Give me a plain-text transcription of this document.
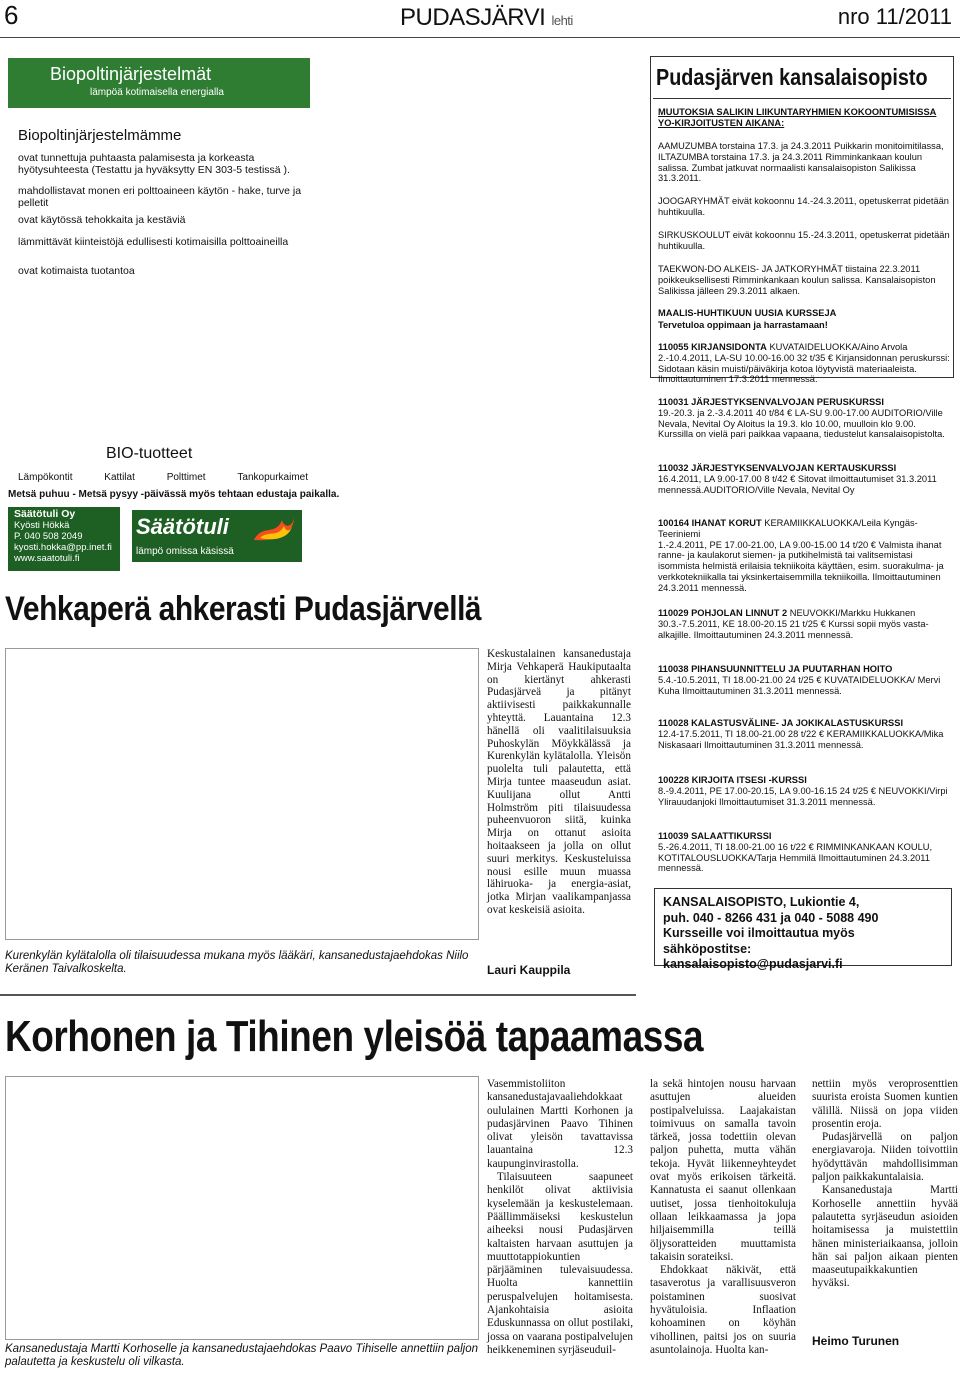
6	PUDASJÄRVI lehti	nro 11/2011
Biopoltinjärjestelmät
lämpöä kotimaisella energialla
Biopoltinjärjestelmämme
ovat tunnettuja puhtaasta palamisesta ja korkeasta hyötysuhteesta (Testattu ja hyväksytty EN 303-5 testissä ).
mahdollistavat monen eri polttoaineen käytön - hake, turve ja pelletit
ovat käytössä tehokkaita ja kestäviä
lämmittävät kiinteistöjä edullisesti kotimaisilla polttoaineilla
ovat kotimaista tuotantoa
BIO-tuotteet
Lämpökontit	Kattilat	Polttimet	Tankopurkaimet
Metsä puhuu - Metsä pysyy -päivässä myös tehtaan edustaja paikalla.
Säätötuli Oy
Kyösti Hökkä
P. 040 508 2049
kyosti.hokka@pp.inet.fi
www.saatotuli.fi
Säätötuli
lämpö omissa käsissä
Vehkaperä ahkerasti Pudasjärvellä
Kurenkylän kylätalolla oli tilaisuudessa mukana myös lääkäri, kansanedustajaehdokas Niilo Keränen Taivalkoskelta.
Keskustalainen kansanedustaja Mirja Vehkaperä Haukiputaalta on kiertänyt ahkerasti Pudasjärveä ja pitänyt aktiivisesti paikkakunnalle yhteyttä. Lauantaina 12.3 hänellä oli vaalitilaisuuksia Puhoskylän Möykkälässä ja Kurenkylän kylätalolla. Yleisön puolelta tuli palautetta, että Mirja tuntee maaseudun asiat. Kuulijana ollut Antti Holmström piti tilaisuudessa puheenvuoron siitä, kuinka Mirja on ottanut asioita hoitaakseen ja jolla on ollut suuri merkitys. Keskusteluissa nousi esille muun muassa lähiruoka- ja energia-asiat, jotka Mirjan vaalikampanjassa ovat keskeisiä asioita.
Lauri Kauppila
Korhonen ja Tihinen yleisöä tapaamassa
Kansanedustaja Martti Korhoselle ja kansanedustajaehdokas Paavo Tihiselle annettiin paljon palautetta ja keskustelu oli vilkasta.

Vasemmistoliiton kansanedustajavaaliehdokkaat oululainen Martti Korhonen ja pudasjärvinen Paavo Tihinen olivat yleisön tavattavissa lauantaina 12.3 kaupunginvirastolla.

Tilaisuuteen saapuneet henkilöt olivat aktiivisia kyselemään ja keskustelemaan. Päällimmäiseksi keskustelun aiheeksi nousi Pudasjärven kaltaisten harvaan asuttujen ja muuttotappiokuntien pärjääminen tulevaisuudessa. Huolta kannettiin peruspalvelujen hoitamisesta. Ajankohtaisia asioita Eduskunnassa on ollut postilaki, jossa on vaarana postipalvelujen heikkeneminen syrjäseuduil-

la sekä hintojen nousu harvaan asuttujen alueiden postipalveluissa. Laajakaistan toimivuus on samalla tavoin tärkeä, jossa todettiin olevan paljon puhetta, mutta vähän tekoja. Hyvät liikenneyhteydet ovat myös erikoisen tärkeitä. Kannatusta ei saanut ollenkaan uutiset, jossa tienhoitokuluja ollaan leikkaamassa ja jopa hiljaisemmilla teillä öljysoratteiden muuttamista takaisin sorateiksi.

Ehdokkaat näkivät, että tasaverotus ja varallisuusveron poistaminen suosivat hyvätuloisia. Inflaation kohoaminen on köyhän vihollinen, paitsi jos on suuria asuntolainoja. Huolta kan-

nettiin myös veroprosenttien suurista eroista Suomen kuntien välillä. Niissä on jopa viiden prosentin eroja.

Pudasjärvellä on paljon energiavaroja. Niiden toivottiin hyödyttävän mahdollisimman paljon paikkakuntalaisia.

Kansanedustaja Martti Korhoselle annettiin hyvää palautetta syrjäseudun asioiden hoitamisessa ja muistettiin hänen ministeriaikaansa, jolloin hän sai paljon aikaan pienten maaseutupaikkakuntien hyväksi.

Heimo Turunen
Pudasjärven kansalaisopisto
MUUTOKSIA SALIKIN LIIKUNTARYHMIEN KOKOONTUMISISSA YO-KIRJOITUSTEN AIKANA:
AAMUZUMBA torstaina 17.3. ja 24.3.2011 Puikkarin monitoimitilassa, ILTAZUMBA torstaina 17.3. ja 24.3.2011 Rimminkankaan koulun salissa. Zumbat jatkuvat normaalisti kansalaisopiston Salikissa 31.3.2011.
JOOGARYHMÄT eivät kokoonnu 14.-24.3.2011, opetuskerrat pidetään huhtikuulla.
SIRKUSKOULUT eivät kokoonnu 15.-24.3.2011, opetuskerrat pidetään huhtikuulla.
TAEKWON-DO ALKEIS- JA JATKORYHMÄT tiistaina 22.3.2011 poikkeuksellisesti Rimminkankaan koulun salissa. Kansalaisopiston Salikissa jälleen 29.3.2011 alkaen.
MAALIS-HUHTIKUUN UUSIA KURSSEJA
Tervetuloa oppimaan ja harrastamaan!
110055 KIRJANSIDONTA KUVATAIDELUOKKA/Aino Arvola
2.-10.4.2011, LA-SU 10.00-16.00 32 t/35 € Kirjansidonnan peruskurssi: Sidotaan käsin muisti/päiväkirja kotoa löytyvistä materiaaleista. Ilmoittautuminen 17.3.2011 mennessä.
110031 JÄRJESTYKSENVALVOJAN PERUSKURSSI
19.-20.3. ja 2.-3.4.2011 40 t/84 € LA-SU 9.00-17.00 AUDITORIO/Ville Nevala, Nevital Oy Aloitus la 19.3. klo 10.00, muulloin klo 9.00. Kurssilla on vielä pari paikkaa vapaana, tiedustelut kansalaisopistolta.
110032 JÄRJESTYKSENVALVOJAN KERTAUSKURSSI
16.4.2011, LA 9.00-17.00 8 t/42 € Sitovat ilmoittautumiset 31.3.2011 mennessä.AUDITORIO/Ville Nevala, Nevital Oy
100164 IHANAT KORUT KERAMIIKKALUOKKA/Leila Kyngäs-Teeriniemi
1.-2.4.2011, PE 17.00-21.00, LA 9.00-15.00 14 t/20 € Valmista ihanat ranne- ja kaulakorut siemen- ja putkihelmistä tai valitsemistasi isommista helmistä erilaisia tekniikoita käyttäen, esim. suorakulma- ja verkkotekniikalla tai yksinkertaisemmilla tekniikoilla. Ilmoittautuminen 24.3.2011 mennessä.
110029 POHJOLAN LINNUT 2 NEUVOKKI/Markku Hukkanen
30.3.-7.5.2011, KE 18.00-20.15 21 t/25 € Kurssi sopii myös vasta-alkajille. Ilmoittautuminen 24.3.2011 mennessä.
110038 PIHANSUUNNITTELU JA PUUTARHAN HOITO
5.4.-10.5.2011, TI 18.00-21.00 24 t/25 € KUVATAIDELUOKKA/ Mervi Kuha Ilmoittautuminen 31.3.2011 mennessä.
110028 KALASTUSVÄLINE- JA JOKIKALASTUSKURSSI
12.4-17.5.2011, TI 18.00-21.00 28 t/22 € KERAMIIKKALUOKKA/Mika Niskasaari Ilmoittautuminen 31.3.2011 mennessä.
100228 KIRJOITA ITSESI -KURSSI
8.-9.4.2011, PE 17.00-20.15, LA 9.00-16.15 24 t/25 € NEUVOKKI/Virpi Ylirauudanjoki Ilmoittautumiset 31.3.2011 mennessä.
110039 SALAATTIKURSSI
5.-26.4.2011, TI 18.00-21.00 16 t/22 € RIMMINKANKAAN KOULU, KOTITALOUSLUOKKA/Tarja Hemmilä Ilmoittautuminen 24.3.2011 mennessä.
KANSALAISOPISTO, Lukiontie 4,
puh. 040 - 8266 431 ja 040 - 5088 490
Kursseille voi ilmoittautua myös sähköpostitse:
kansalaisopisto@pudasjarvi.fi
